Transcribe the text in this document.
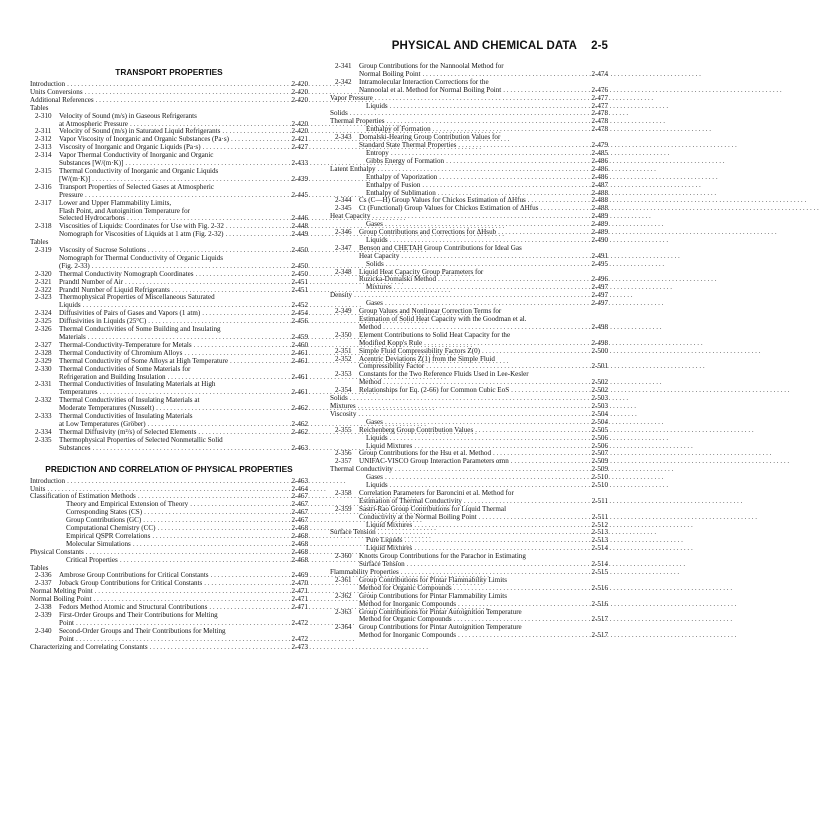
PHYSICAL AND CHEMICAL DATA 2-5
TRANSPORT PROPERTIES
Introduction . . .	2-420
Units Conversions . . .	2-420
Additional References . . .	2-420
Tables
2-310	Velocity of Sound (m/s) in Gaseous Refrigerants
at Atmospheric Pressure . . .	2-420
2-311	Velocity of Sound (m/s) in Saturated Liquid Refrigerants . . .	2-420
2-312	Vapor Viscosity of Inorganic and Organic Substances (Pa·s) . . .	2-421
2-313	Viscosity of Inorganic and Organic Liquids (Pa·s) . . .	2-427
2-314	Vapor Thermal Conductivity of Inorganic and Organic
Substances [W/(m·K)] . . .	2-433
2-315	Thermal Conductivity of Inorganic and Organic Liquids
[W/(m·K)] . . .	2-439
2-316	Transport Properties of Selected Gases at Atmospheric
Pressure . . .	2-445
2-317	Lower and Upper Flammability Limits,
Flash Point, and Autoignition Temperature for
Selected Hydrocarbons . . .	2-446
2-318	Viscosities of Liquids: Coordinates for Use with Fig. 2-32 . . .	2-448
Nomograph for Viscosities of Liquids at 1 atm (Fig. 2-32) . . .	2-449
Tables
2-319	Viscosity of Sucrose Solutions . . .	2-450
Nomograph for Thermal Conductivity of Organic Liquids
(Fig. 2-33) . . .	2-450
2-320	Thermal Conductivity Nomograph Coordinates . . .	2-450
2-321	Prandtl Number of Air . . .	2-451
2-322	Prandtl Number of Liquid Refrigerants . . .	2-451
2-323	Thermophysical Properties of Miscellaneous Saturated
Liquids . . .	2-452
2-324	Diffusivities of Pairs of Gases and Vapors (1 atm) . . .	2-454
2-325	Diffusivities in Liquids (25°C) . . .	2-456
2-326	Thermal Conductivities of Some Building and Insulating
Materials . . .	2-459
2-327	Thermal-Conductivity-Temperature for Metals . . .	2-460
2-328	Thermal Conductivity of Chromium Alloys . . .	2-461
2-329	Thermal Conductivity of Some Alloys at High Temperature . . .	2-461
2-330	Thermal Conductivities of Some Materials for
Refrigeration and Building Insulation . . .	2-461
2-331	Thermal Conductivities of Insulating Materials at High
Temperatures . . .	2-461
2-332	Thermal Conductivities of Insulating Materials at
Moderate Temperatures (Nusselt) . . .	2-462
2-333	Thermal Conductivities of Insulating Materials
at Low Temperatures (Gröber) . . .	2-462
2-334	Thermal Diffusivity (m²/s) of Selected Elements . . .	2-462
2-335	Thermophysical Properties of Selected Nonmetallic Solid
Substances . . .	2-463
PREDICTION AND CORRELATION OF PHYSICAL PROPERTIES
Introduction . . .	2-463
Units . . .	2-464
Classification of Estimation Methods . . .	2-467
Theory and Empirical Extension of Theory . . .	2-467
Corresponding States (CS) . . .	2-467
Group Contributions (GC) . . .	2-467
Computational Chemistry (CC) . . .	2-468
Empirical QSPR Correlations . . .	2-468
Molecular Simulations . . .	2-468
Physical Constants . . .	2-468
Critical Properties . . .	2-468
Tables
2-336	Ambrose Group Contributions for Critical Constants . . .	2-469
2-337	Joback Group Contributions for Critical Constants . . .	2-470
Normal Melting Point . . .	2-471
Normal Boiling Point . . .	2-471
2-338	Fedors Method Atomic and Structural Contributions . . .	2-471
2-339	First-Order Groups and Their Contributions for Melting
Point . . .	2-472
2-340	Second-Order Groups and Their Contributions for Melting
Point . . .	2-472
Characterizing and Correlating Constants . . .	2-473
2-341	Group Contributions for the Nannoolal Method for
Normal Boiling Point . . .	2-474
2-342	Intramolecular Interaction Corrections for the
Nannoolal et al. Method for Normal Boiling Point . . .	2-476
Vapor Pressure . . .	2-477
Liquids . . .	2-477
Solids . . .	2-478
Thermal Properties . . .	2-478
Enthalpy of Formation . . .	2-478
2-343	Domalski-Hearing Group Contribution Values for
Standard State Thermal Properties . . .	2-479
Entropy . . .	2-485
Gibbs Energy of Formation . . .	2-486
Latent Enthalpy . . .	2-486
Enthalpy of Vaporization . . .	2-486
Enthalpy of Fusion . . .	2-487
Enthalpy of Sublimation . . .	2-488
2-344	Cs (C—H) Group Values for Chickos Estimation of ΔHfus . . .	2-488
2-345	Ct (Functional) Group Values for Chickos Estimation of ΔHfus . . .	2-488
Heat Capacity . . .	2-489
Gases . . .	2-489
2-346	Group Contributions and Corrections for ΔHsub . . .	2-489
Liquids . . .	2-490
2-347	Benson and CHETAH Group Contributions for Ideal Gas
Heat Capacity . . .	2-491
Solids . . .	2-495
2-348	Liquid Heat Capacity Group Parameters for
Ruzicka-Domalski Method . . .	2-496
Mixtures . . .	2-497
Density . . .	2-497
Gases . . .	2-497
2-349	Group Values and Nonlinear Correction Terms for
Estimation of Solid Heat Capacity with the Goodman et al.
Method . . .	2-498
2-350	Element Contributions to Solid Heat Capacity for the
Modified Kopp's Rule . . .	2-498
2-351	Simple Fluid Compressibility Factors Z(0) . . .	2-500
2-352	Acentric Deviations Z(1) from the Simple Fluid
Compressibility Factor . . .	2-501
2-353	Constants for the Two Reference Fluids Used in Lee-Kesler
Method . . .	2-502
2-354	Relationships for Eq. (2-66) for Common Cubic EoS . . .	2-502
Solids . . .	2-503
Mixtures . . .	2-503
Viscosity . . .	2-504
Gases . . .	2-504
2-355	Reichenberg Group Contribution Values . . .	2-505
Liquids . . .	2-506
Liquid Mixtures . . .	2-506
2-356	Group Contributions for the Hsu et al. Method . . .	2-507
2-357	UNIFAC-VISCO Group Interaction Parameters αmn . . .	2-509
Thermal Conductivity . . .	2-509
Gases . . .	2-510
Liquids . . .	2-510
2-358	Correlation Parameters for Baroncini et al. Method for
Estimation of Thermal Conductivity . . .	2-511
2-359	Sastri-Rao Group Contributions for Liquid Thermal
Conductivity at the Normal Boiling Point . . .	2-511
Liquid Mixtures . . .	2-512
Surface Tension . . .	2-513
Pure Liquids . . .	2-513
Liquid Mixtures . . .	2-514
2-360	Knotts Group Contributions for the Parachor in Estimating
Surface Tension . . .	2-514
Flammability Properties . . .	2-515
2-361	Group Contributions for Pintar Flammability Limits
Method for Organic Compounds . . .	2-516
2-362	Group Contributions for Pintar Flammability Limits
Method for Inorganic Compounds . . .	2-516
2-363	Group Contributions for Pintar Autoignition Temperature
Method for Organic Compounds . . .	2-517
2-364	Group Contributions for Pintar Autoignition Temperature
Method for Inorganic Compounds . . .	2-517
